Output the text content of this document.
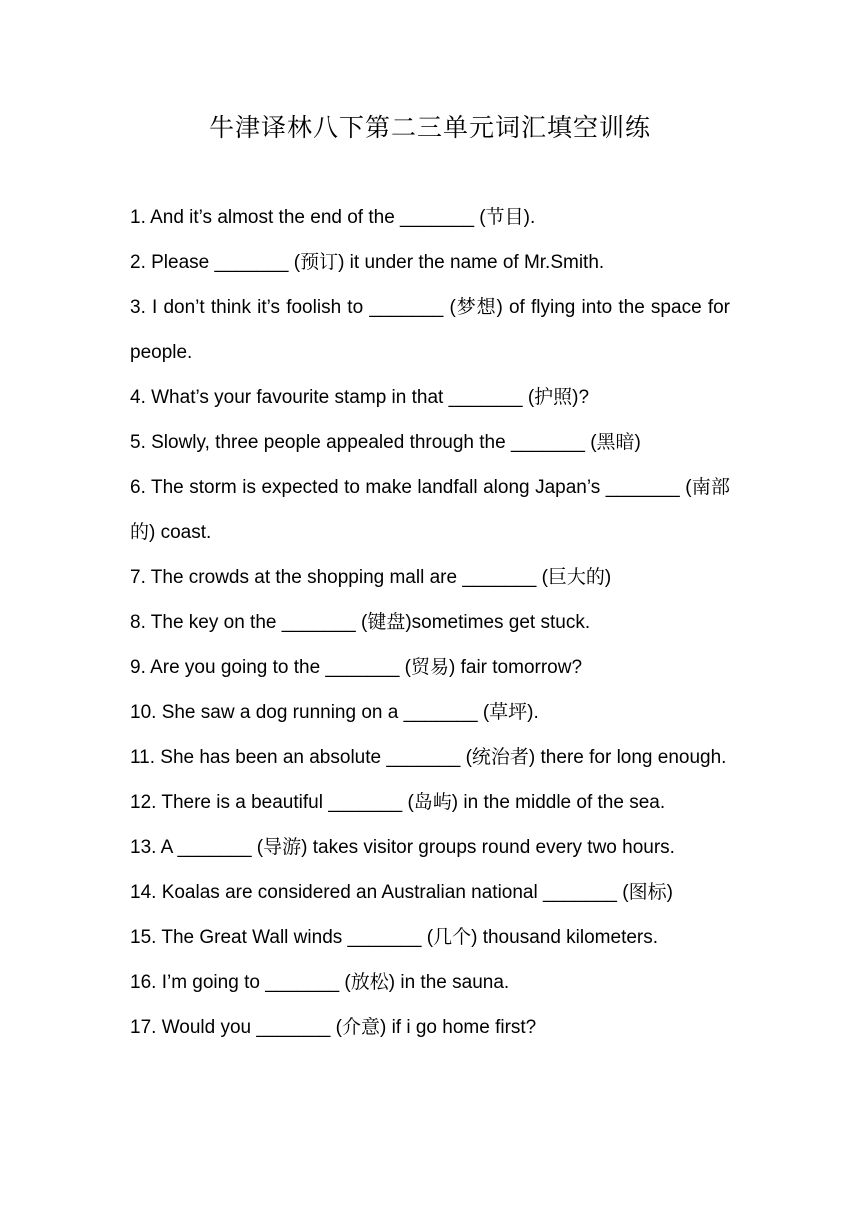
牛津译林八下第二三单元词汇填空训练
1. And it’s almost the end of the _______ (节目).
2. Please _______ (预订) it under the name of Mr.Smith.
3. I don’t think it’s foolish to _______ (梦想) of flying into the space for people.
4. What’s your favourite stamp in that _______ (护照)?
5. Slowly, three people appealed through the _______ (黑暗)
6. The storm is expected to make landfall along Japan’s _______ (南部的) coast.
7. The crowds at the shopping mall are _______ (巨大的)
8. The key on the _______ (键盘)sometimes get stuck.
9. Are you going to the _______ (贸易) fair tomorrow?
10. She saw a dog running on a _______ (草坪).
11. She has been an absolute _______ (统治者) there for long enough.
12. There is a beautiful _______ (岛屿) in the middle of the sea.
13. A _______ (导游) takes visitor groups round every two hours.
14. Koalas are considered an Australian national _______ (图标)
15. The Great Wall winds _______ (几个) thousand kilometers.
16. I’m going to _______ (放松) in the sauna.
17. Would you _______ (介意) if i go home first?
